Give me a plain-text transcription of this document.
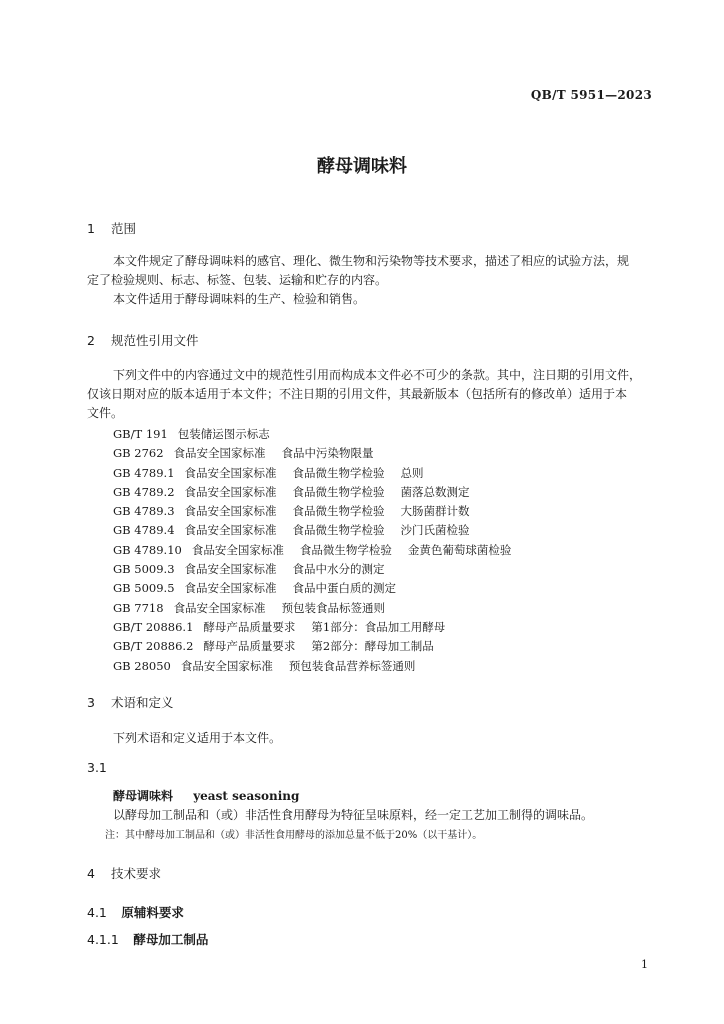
QB/T 5951—2023
酵母调味料
1 范围
本文件规定了酵母调味料的感官、理化、微生物和污染物等技术要求，描述了相应的试验方法，规
定了检验规则、标志、标签、包装、运输和贮存的内容。
本文件适用于酵母调味料的生产、检验和销售。
2 规范性引用文件
下列文件中的内容通过文中的规范性引用而构成本文件必不可少的条款。其中，注日期的引用文件，
仅该日期对应的版本适用于本文件；不注日期的引用文件，其最新版本（包括所有的修改单）适用于本
文件。
GB/T 191 包装储运图示标志
GB 2762 食品安全国家标准 食品中污染物限量
GB 4789.1 食品安全国家标准 食品微生物学检验 总则
GB 4789.2 食品安全国家标准 食品微生物学检验 菌落总数测定
GB 4789.3 食品安全国家标准 食品微生物学检验 大肠菌群计数
GB 4789.4 食品安全国家标准 食品微生物学检验 沙门氏菌检验
GB 4789.10 食品安全国家标准 食品微生物学检验 金黄色葡萄球菌检验
GB 5009.3 食品安全国家标准 食品中水分的测定
GB 5009.5 食品安全国家标准 食品中蛋白质的测定
GB 7718 食品安全国家标准 预包装食品标签通则
GB/T 20886.1 酵母产品质量要求 第1部分：食品加工用酵母
GB/T 20886.2 酵母产品质量要求 第2部分：酵母加工制品
GB 28050 食品安全国家标准 预包装食品营养标签通则
3 术语和定义
下列术语和定义适用于本文件。
3.1
酵母调味料 yeast seasoning
以酵母加工制品和（或）非活性食用酵母为特征呈味原料，经一定工艺加工制得的调味品。
注：其中酵母加工制品和（或）非活性食用酵母的添加总量不低于20%（以干基计）。
4 技术要求
4.1 原辅料要求
4.1.1 酵母加工制品
1
